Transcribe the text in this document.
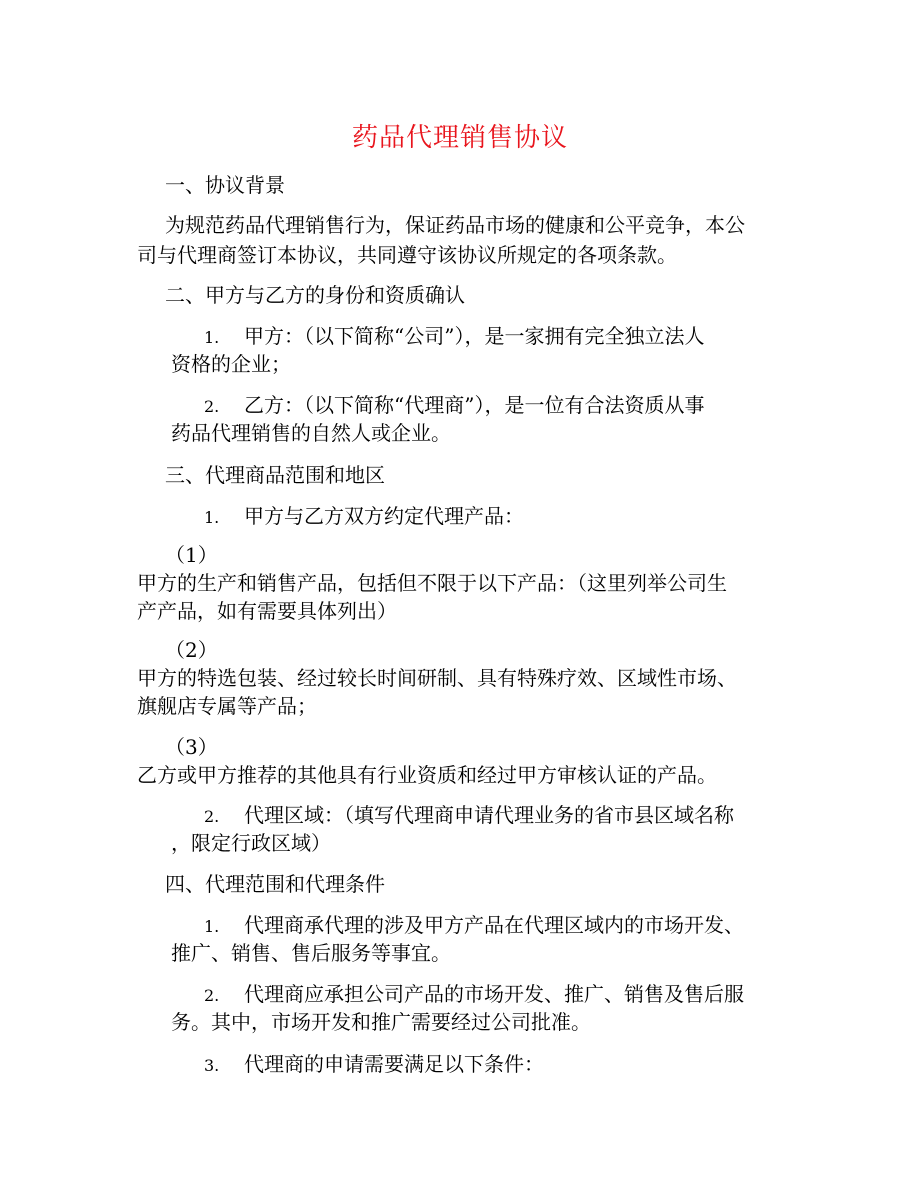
药品代理销售协议
一、协议背景
为规范药品代理销售行为，保证药品市场的健康和公平竞争，本公
司与代理商签订本协议，共同遵守该协议所规定的各项条款。
二、甲方与乙方的身份和资质确认
1. 甲方：（以下简称“公司”），是一家拥有完全独立法人
资格的企业；
2. 乙方：（以下简称“代理商”），是一位有合法资质从事
药品代理销售的自然人或企业。
三、代理商品范围和地区
1. 甲方与乙方双方约定代理产品：
（1）
甲方的生产和销售产品，包括但不限于以下产品：（这里列举公司生
产产品，如有需要具体列出）
（2）
甲方的特选包装、经过较长时间研制、具有特殊疗效、区域性市场、
旗舰店专属等产品；
（3）
乙方或甲方推荐的其他具有行业资质和经过甲方审核认证的产品。
2. 代理区域：（填写代理商申请代理业务的省市县区域名称
，限定行政区域）
四、代理范围和代理条件
1. 代理商承代理的涉及甲方产品在代理区域内的市场开发、
推广、销售、售后服务等事宜。
2. 代理商应承担公司产品的市场开发、推广、销售及售后服
务。其中，市场开发和推广需要经过公司批准。
3. 代理商的申请需要满足以下条件：
